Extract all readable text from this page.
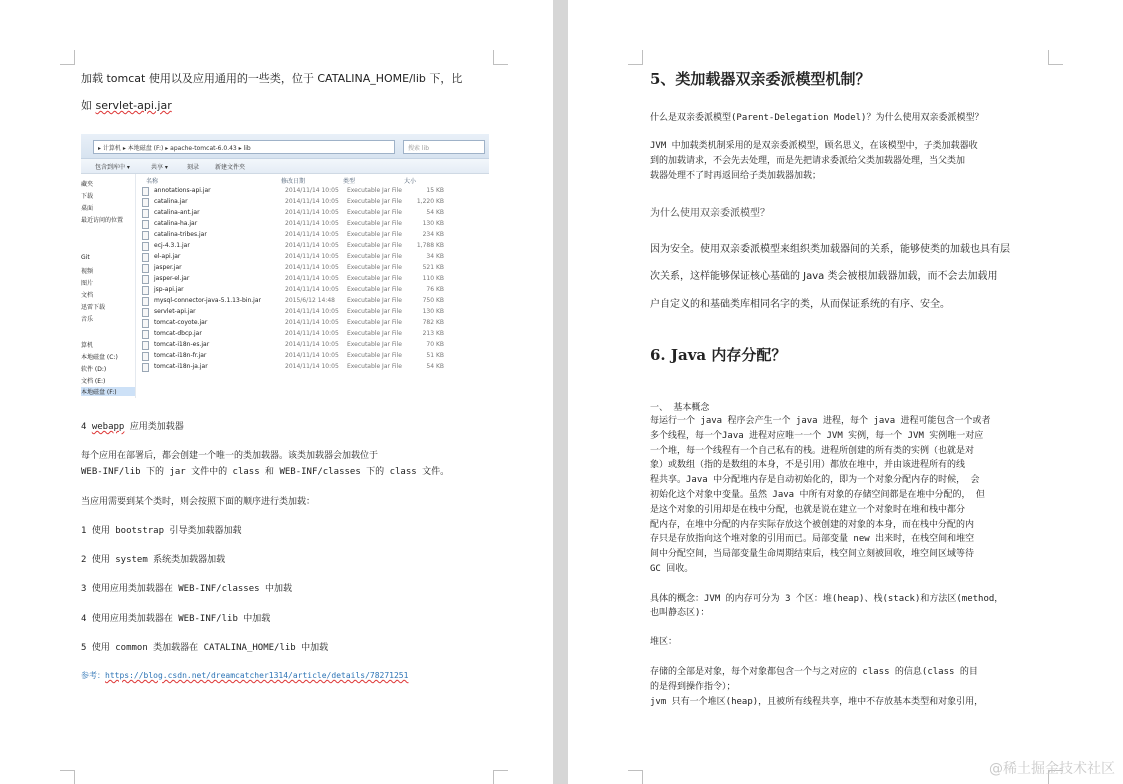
加载 tomcat 使用以及应用通用的一些类，位于 CATALINA_HOME/lib 下，比
如 servlet-api.jar
▸ 计算机 ▸ 本地磁盘 (F:) ▸ apache-tomcat-6.0.43 ▸ lib	搜索 lib
包含到库中 ▾	共享 ▾	刻录	新建文件夹
藏夹
下载
桌面
最近访问的位置
Git
视频
图片
文档
迅雷下载
音乐
算机
本地磁盘 (C:)
软件 (D:)
文档 (E:)
本地磁盘 (F:)
名称	修改日期	类型	大小
annotations-api.jar	2014/11/14 10:05 Executable Jar File	15 KB
catalina.jar	2014/11/14 10:05 Executable Jar File	1,220 KB
catalina-ant.jar	2014/11/14 10:05 Executable Jar File	54 KB
catalina-ha.jar	2014/11/14 10:05 Executable Jar File	130 KB
catalina-tribes.jar	2014/11/14 10:05 Executable Jar File	234 KB
ecj-4.3.1.jar	2014/11/14 10:05 Executable Jar File	1,788 KB
el-api.jar	2014/11/14 10:05 Executable Jar File	34 KB
jasper.jar	2014/11/14 10:05 Executable Jar File	521 KB
jasper-el.jar	2014/11/14 10:05 Executable Jar File	110 KB
jsp-api.jar	2014/11/14 10:05 Executable Jar File	76 KB
mysql-connector-java-5.1.13-bin.jar	2015/6/12 14:48 Executable Jar File	750 KB
servlet-api.jar	2014/11/14 10:05 Executable Jar File	130 KB
tomcat-coyote.jar	2014/11/14 10:05 Executable Jar File	782 KB
tomcat-dbcp.jar	2014/11/14 10:05 Executable Jar File	213 KB
tomcat-i18n-es.jar	2014/11/14 10:05 Executable Jar File	70 KB
tomcat-i18n-fr.jar	2014/11/14 10:05 Executable Jar File	51 KB
tomcat-i18n-ja.jar	2014/11/14 10:05 Executable Jar File	54 KB
4 webapp 应用类加载器
每个应用在部署后，都会创建一个唯一的类加载器。该类加载器会加载位于
WEB-INF/lib 下的 jar 文件中的 class 和 WEB-INF/classes 下的 class 文件。
当应用需要到某个类时，则会按照下面的顺序进行类加载：
1 使用 bootstrap 引导类加载器加载
2 使用 system 系统类加载器加载
3 使用应用类加载器在 WEB-INF/classes 中加载
4 使用应用类加载器在 WEB-INF/lib 中加载
5 使用 common 类加载器在 CATALINA_HOME/lib 中加载
参考：https://blog.csdn.net/dreamcatcher1314/article/details/78271251
5、类加载器双亲委派模型机制？
什么是双亲委派模型(Parent-Delegation Model)？为什么使用双亲委派模型？
JVM 中加载类机制采用的是双亲委派模型，顾名思义，在该模型中，子类加载器收
到的加载请求，不会先去处理，而是先把请求委派给父类加载器处理，当父类加
载器处理不了时再返回给子类加载器加载；
为什么使用双亲委派模型？
因为安全。使用双亲委派模型来组织类加载器间的关系，能够使类的加载也具有层
次关系，这样能够保证核心基础的 Java 类会被根加载器加载，而不会去加载用
户自定义的和基础类库相同名字的类，从而保证系统的有序、安全。
6. Java 内存分配？
一、 基本概念
每运行一个 java 程序会产生一个 java 进程，每个 java 进程可能包含一个或者
多个线程，每一个Java 进程对应唯一一个 JVM 实例，每一个 JVM 实例唯一对应
一个堆，每一个线程有一个自己私有的栈。进程所创建的所有类的实例（也就是对
象）或数组（指的是数组的本身，不是引用）都放在堆中，并由该进程所有的线
程共享。Java 中分配堆内存是自动初始化的，即为一个对象分配内存的时候， 会
初始化这个对象中变量。虽然 Java 中所有对象的存储空间都是在堆中分配的， 但
是这个对象的引用却是在栈中分配，也就是说在建立一个对象时在堆和栈中都分
配内存，在堆中分配的内存实际存放这个被创建的对象的本身，而在栈中分配的内
存只是存放指向这个堆对象的引用而已。局部变量 new 出来时，在栈空间和堆空
间中分配空间，当局部变量生命周期结束后，栈空间立刻被回收，堆空间区域等待
GC 回收。
具体的概念：JVM 的内存可分为 3 个区：堆(heap)、栈(stack)和方法区(method，
也叫静态区)：
堆区：
存储的全部是对象，每个对象都包含一个与之对应的 class 的信息(class 的目
的是得到操作指令）；
jvm 只有一个堆区(heap)，且被所有线程共享，堆中不存放基本类型和对象引用，
@稀土掘金技术社区
